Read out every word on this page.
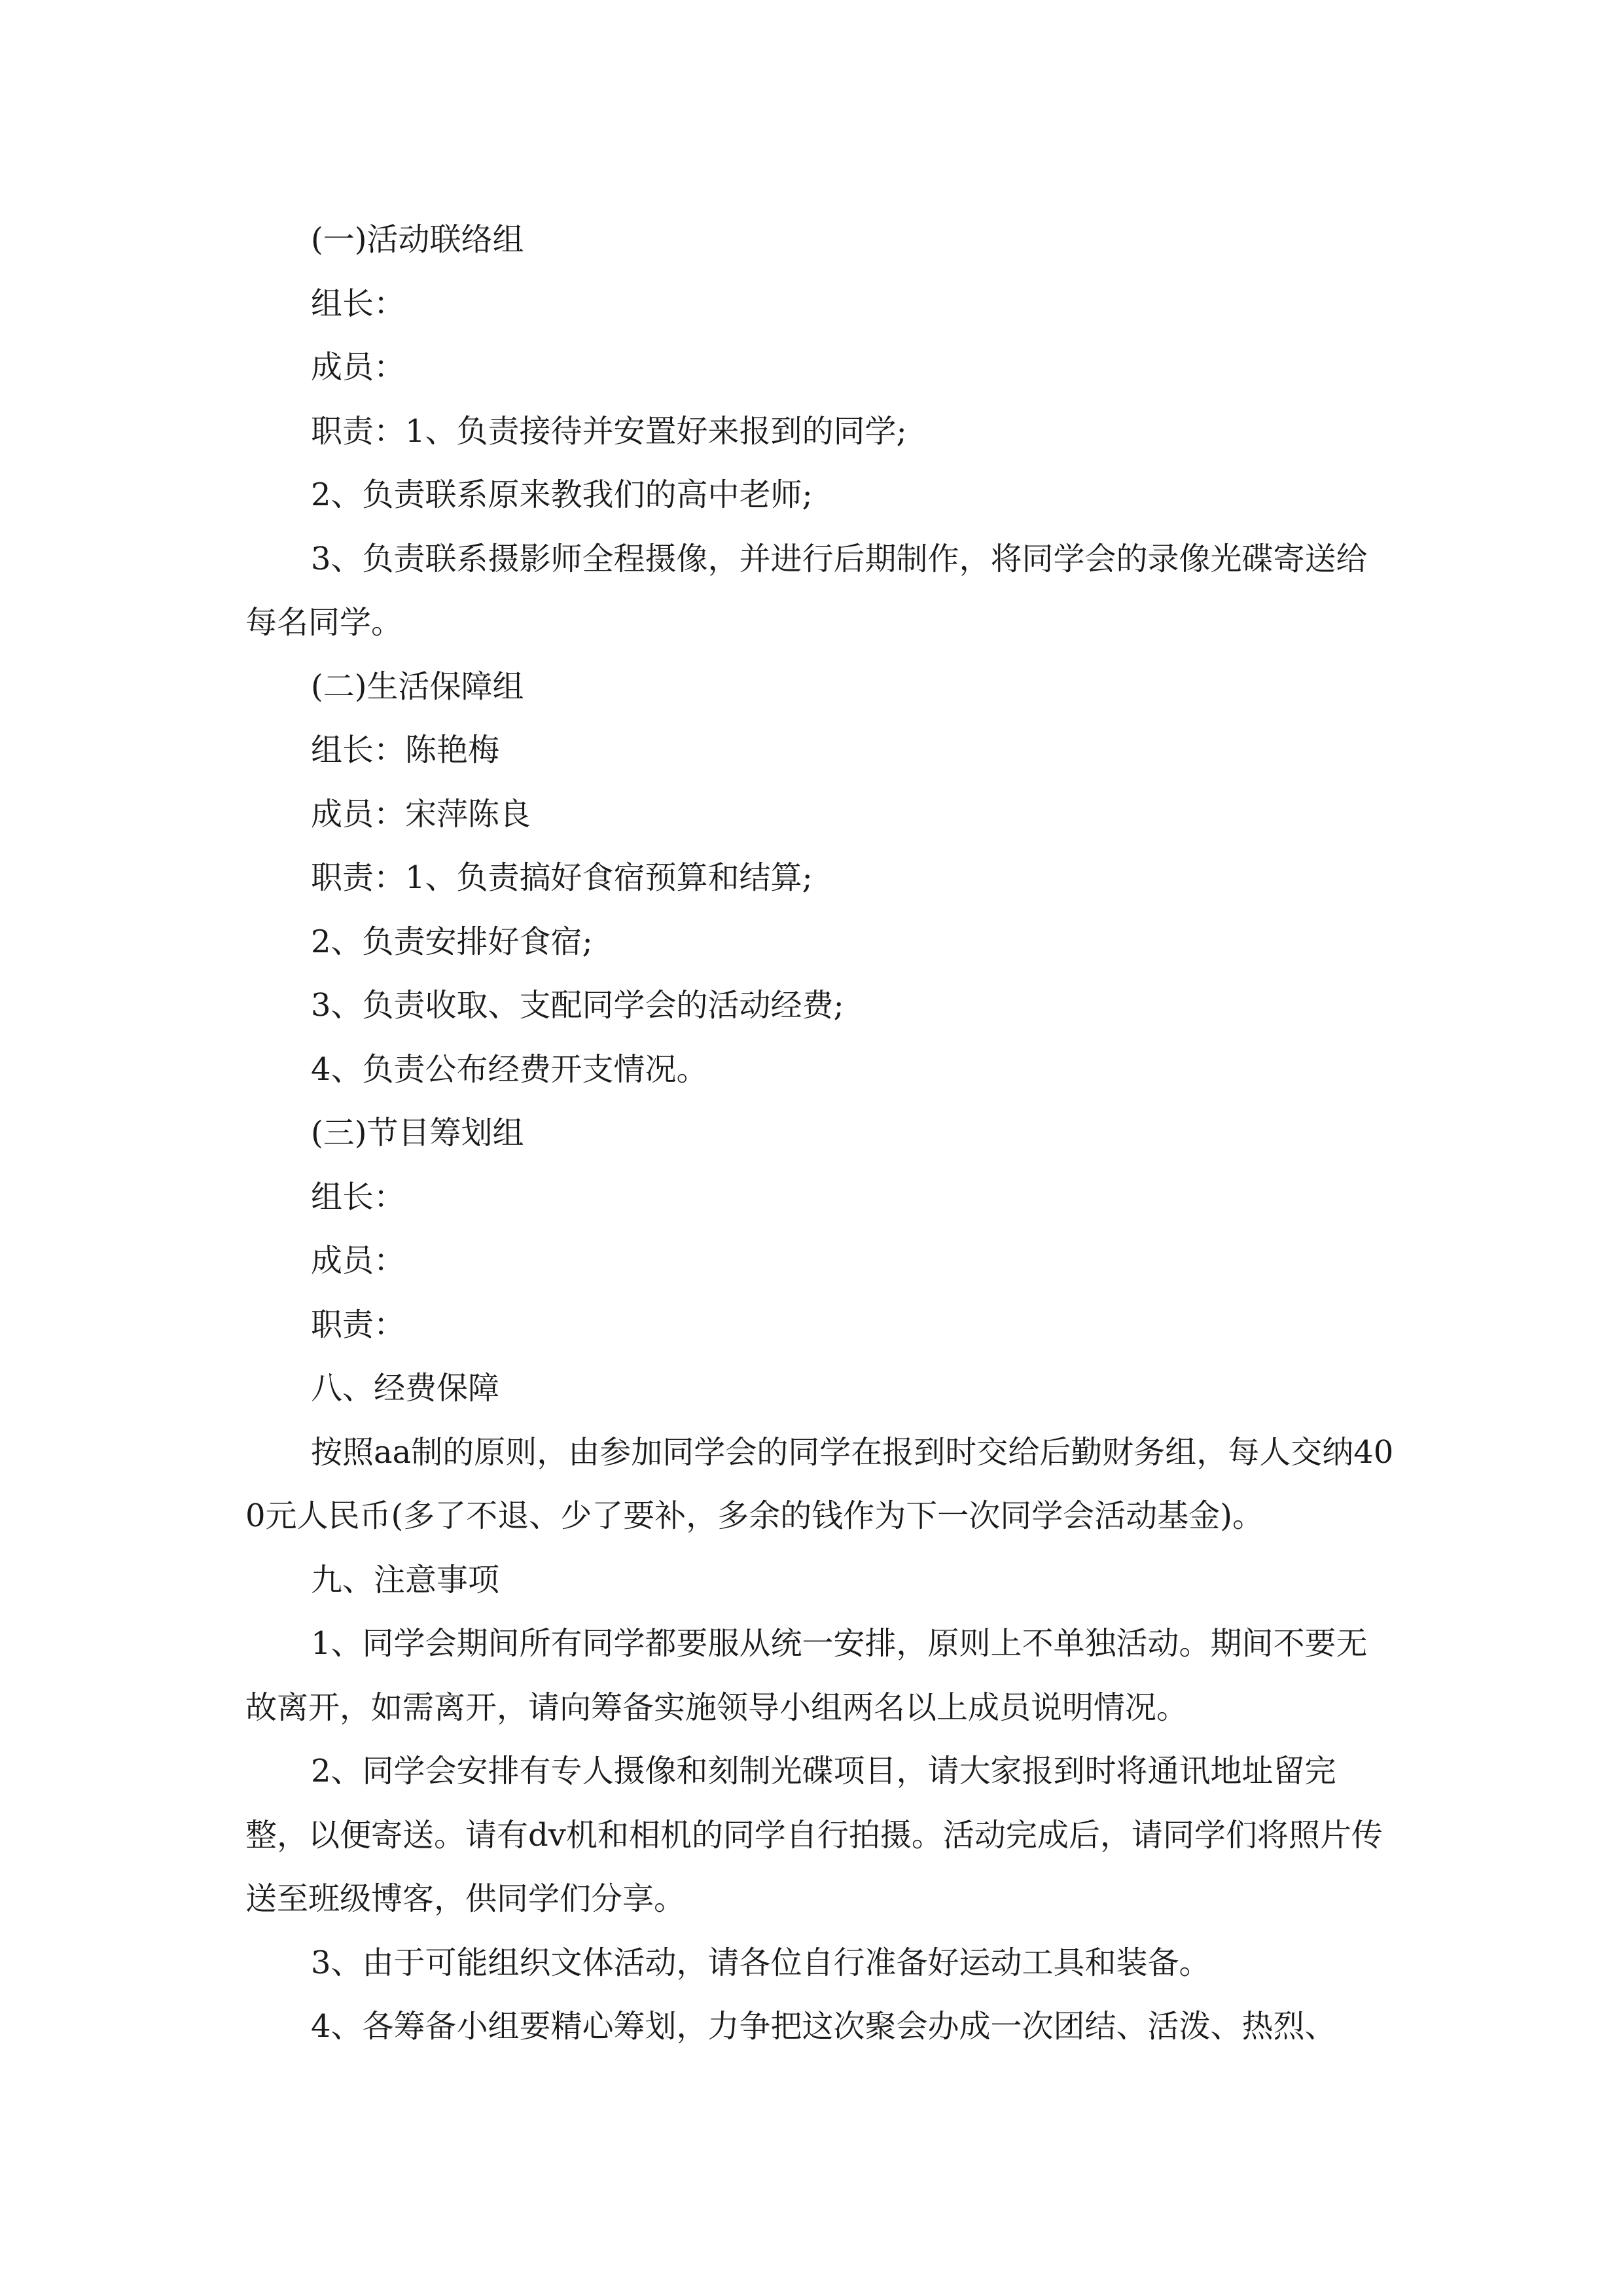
(一)活动联络组

组长：

成员：

职责：1、负责接待并安置好来报到的同学;

2、负责联系原来教我们的高中老师;

3、负责联系摄影师全程摄像，并进行后期制作，将同学会的录像光碟寄送给每名同学。

(二)生活保障组

组长：陈艳梅

成员：宋萍陈良

职责：1、负责搞好食宿预算和结算;

2、负责安排好食宿;

3、负责收取、支配同学会的活动经费;

4、负责公布经费开支情况。

(三)节目筹划组

组长：

成员：

职责：

八、经费保障

按照aa制的原则，由参加同学会的同学在报到时交给后勤财务组，每人交纳400元人民币(多了不退、少了要补，多余的钱作为下一次同学会活动基金)。

九、注意事项

1、同学会期间所有同学都要服从统一安排，原则上不单独活动。期间不要无故离开，如需离开，请向筹备实施领导小组两名以上成员说明情况。

2、同学会安排有专人摄像和刻制光碟项目，请大家报到时将通讯地址留完整，以便寄送。请有dv机和相机的同学自行拍摄。活动完成后，请同学们将照片传送至班级博客，供同学们分享。

3、由于可能组织文体活动，请各位自行准备好运动工具和装备。

4、各筹备小组要精心筹划，力争把这次聚会办成一次团结、活泼、热烈、
